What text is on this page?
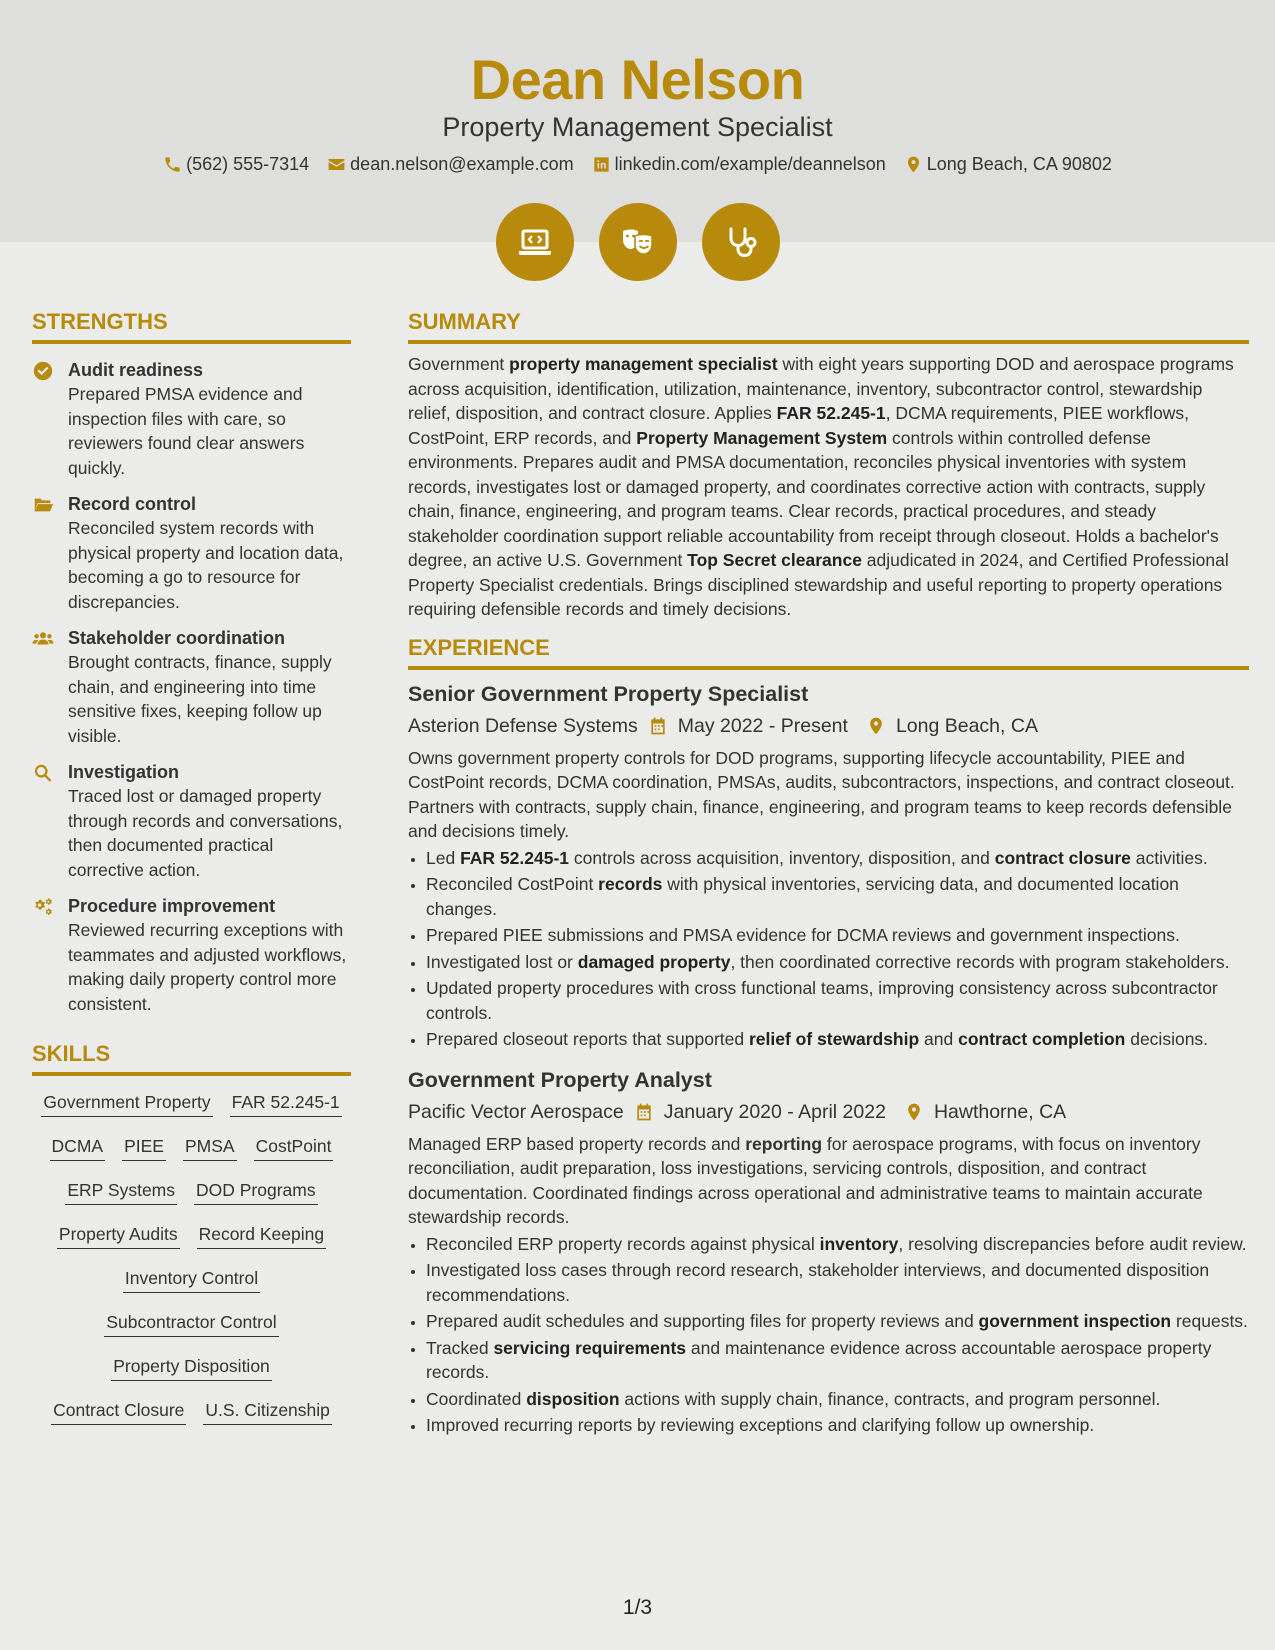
Dean Nelson
Property Management Specialist
(562) 555-7314 dean.nelson@example.com linkedin.com/example/deannelson Long Beach, CA 90802
STRENGTHS
Audit readiness
Prepared PMSA evidence and inspection files with care, so reviewers found clear answers quickly.
Record control
Reconciled system records with physical property and location data, becoming a go to resource for discrepancies.
Stakeholder coordination
Brought contracts, finance, supply chain, and engineering into time sensitive fixes, keeping follow up visible.
Investigation
Traced lost or damaged property through records and conversations, then documented practical corrective action.
Procedure improvement
Reviewed recurring exceptions with teammates and adjusted workflows, making daily property control more consistent.
SKILLS
Government Property FAR 52.245-1
DCMA PIEE PMSA CostPoint
ERP Systems DOD Programs
Property Audits Record Keeping
Inventory Control
Subcontractor Control
Property Disposition
Contract Closure U.S. Citizenship
SUMMARY

Government property management specialist with eight years supporting DOD and aerospace programs across acquisition, identification, utilization, maintenance, inventory, subcontractor control, stewardship relief, disposition, and contract closure. Applies FAR 52.245-1, DCMA requirements, PIEE workflows, CostPoint, ERP records, and Property Management System controls within controlled defense environments. Prepares audit and PMSA documentation, reconciles physical inventories with system records, investigates lost or damaged property, and coordinates corrective action with contracts, supply chain, finance, engineering, and program teams. Clear records, practical procedures, and steady stakeholder coordination support reliable accountability from receipt through closeout. Holds a bachelor's degree, an active U.S. Government Top Secret clearance adjudicated in 2024, and Certified Professional Property Specialist credentials. Brings disciplined stewardship and useful reporting to property operations requiring defensible records and timely decisions.

EXPERIENCE
Senior Government Property Specialist
Asterion Defense Systems May 2022 - Present Long Beach, CA
Owns government property controls for DOD programs, supporting lifecycle accountability, PIEE and CostPoint records, DCMA coordination, PMSAs, audits, subcontractors, inspections, and contract closeout. Partners with contracts, supply chain, finance, engineering, and program teams to keep records defensible and decisions timely.
• Led FAR 52.245-1 controls across acquisition, inventory, disposition, and contract closure activities.
• Reconciled CostPoint records with physical inventories, servicing data, and documented location changes.
• Prepared PIEE submissions and PMSA evidence for DCMA reviews and government inspections.
• Investigated lost or damaged property, then coordinated corrective records with program stakeholders.
• Updated property procedures with cross functional teams, improving consistency across subcontractor controls.
• Prepared closeout reports that supported relief of stewardship and contract completion decisions.
Government Property Analyst
Pacific Vector Aerospace January 2020 - April 2022 Hawthorne, CA
Managed ERP based property records and reporting for aerospace programs, with focus on inventory reconciliation, audit preparation, loss investigations, servicing controls, disposition, and contract documentation. Coordinated findings across operational and administrative teams to maintain accurate stewardship records.
• Reconciled ERP property records against physical inventory, resolving discrepancies before audit review.
• Investigated loss cases through record research, stakeholder interviews, and documented disposition recommendations.
• Prepared audit schedules and supporting files for property reviews and government inspection requests.
• Tracked servicing requirements and maintenance evidence across accountable aerospace property records.
• Coordinated disposition actions with supply chain, finance, contracts, and program personnel.
• Improved recurring reports by reviewing exceptions and clarifying follow up ownership.
1/3
